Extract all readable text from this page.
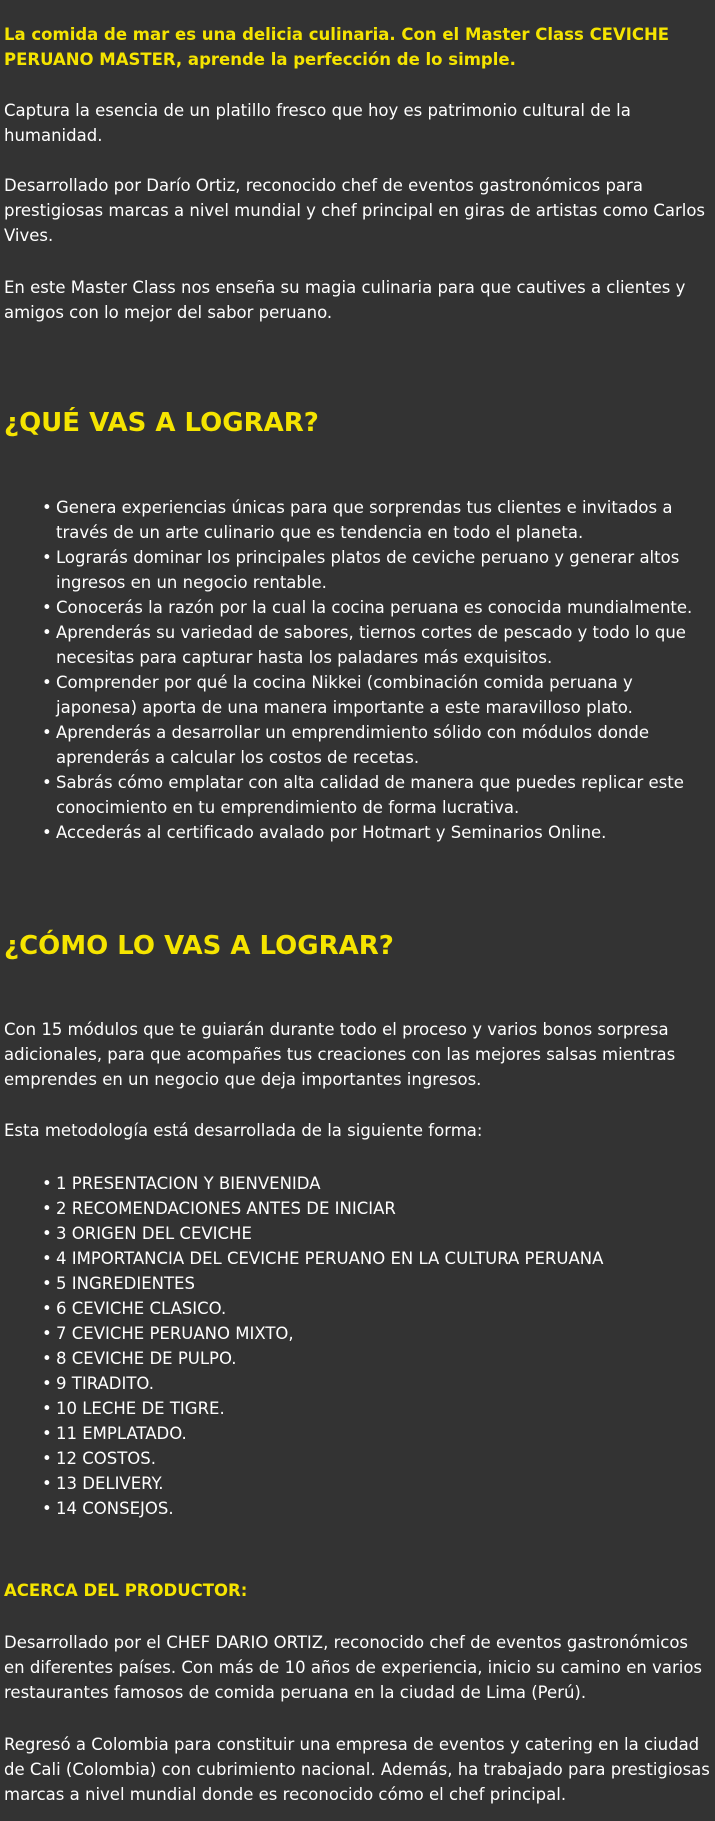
La comida de mar es una delicia culinaria. Con el Master Class CEVICHE PERUANO MASTER, aprende la perfección de lo simple.

Captura la esencia de un platillo fresco que hoy es patrimonio cultural de la humanidad.

Desarrollado por Darío Ortiz, reconocido chef de eventos gastronómicos para prestigiosas marcas a nivel mundial y chef principal en giras de artistas como Carlos Vives.

En este Master Class nos enseña su magia culinaria para que cautives a clientes y amigos con lo mejor del sabor peruano.

¿QUÉ VAS A LOGRAR?
• Genera experiencias únicas para que sorprendas tus clientes e invitados a través de un arte culinario que es tendencia en todo el planeta.
• Lograrás dominar los principales platos de ceviche peruano y generar altos ingresos en un negocio rentable.
• Conocerás la razón por la cual la cocina peruana es conocida mundialmente.
• Aprenderás su variedad de sabores, tiernos cortes de pescado y todo lo que necesitas para capturar hasta los paladares más exquisitos.
• Comprender por qué la cocina Nikkei (combinación comida peruana y japonesa) aporta de una manera importante a este maravilloso plato.
• Aprenderás a desarrollar un emprendimiento sólido con módulos donde aprenderás a calcular los costos de recetas.
• Sabrás cómo emplatar con alta calidad de manera que puedes replicar este conocimiento en tu emprendimiento de forma lucrativa.
• Accederás al certificado avalado por Hotmart y Seminarios Online.
¿CÓMO LO VAS A LOGRAR?

Con 15 módulos que te guiarán durante todo el proceso y varios bonos sorpresa adicionales, para que acompañes tus creaciones con las mejores salsas mientras emprendes en un negocio que deja importantes ingresos.

Esta metodología está desarrollada de la siguiente forma:

• 1 PRESENTACION Y BIENVENIDA
• 2 RECOMENDACIONES ANTES DE INICIAR
• 3 ORIGEN DEL CEVICHE
• 4 IMPORTANCIA DEL CEVICHE PERUANO EN LA CULTURA PERUANA
• 5 INGREDIENTES
• 6 CEVICHE CLASICO.
• 7 CEVICHE PERUANO MIXTO,
• 8 CEVICHE DE PULPO.
• 9 TIRADITO.
• 10 LECHE DE TIGRE.
• 11 EMPLATADO.
• 12 COSTOS.
• 13 DELIVERY.
• 14 CONSEJOS.

ACERCA DEL PRODUCTOR:

Desarrollado por el CHEF DARIO ORTIZ, reconocido chef de eventos gastronómicos en diferentes países. Con más de 10 años de experiencia, inicio su camino en varios restaurantes famosos de comida peruana en la ciudad de Lima (Perú).

Regresó a Colombia para constituir una empresa de eventos y catering en la ciudad de Cali (Colombia) con cubrimiento nacional. Además, ha trabajado para prestigiosas marcas a nivel mundial donde es reconocido cómo el chef principal.
